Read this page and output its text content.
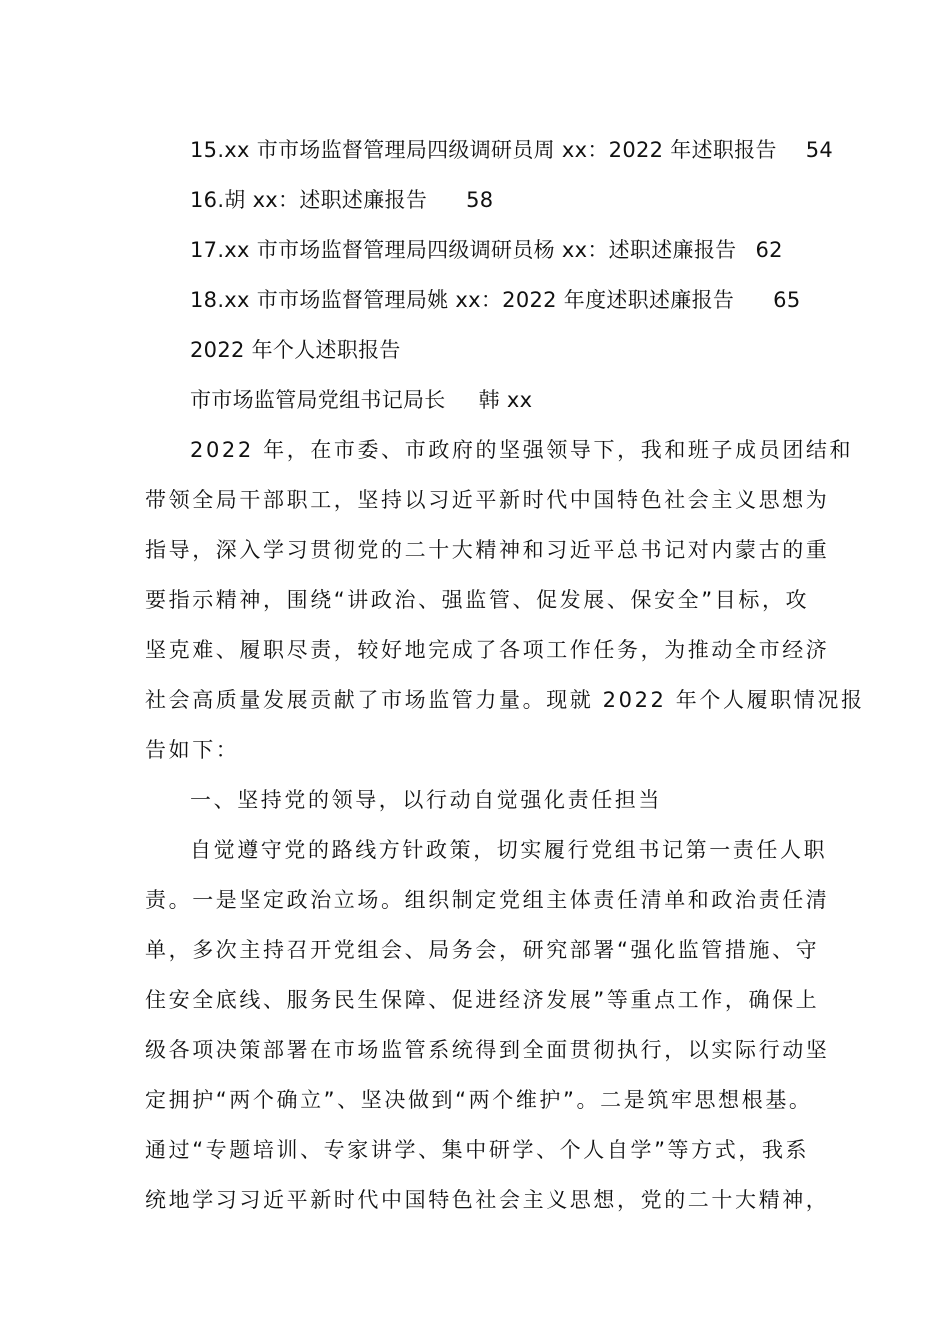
15.xx 市市场监督管理局四级调研员周 xx：2022 年述职报告 54
16.胡 xx：述职述廉报告 58
17.xx 市市场监督管理局四级调研员杨 xx：述职述廉报告 62
18.xx 市市场监督管理局姚 xx：2022 年度述职述廉报告 65
2022 年个人述职报告
市市场监管局党组书记局长 韩 xx
2022 年，在市委、市政府的坚强领导下，我和班子成员团结和
带领全局干部职工，坚持以习近平新时代中国特色社会主义思想为
指导，深入学习贯彻党的二十大精神和习近平总书记对内蒙古的重
要指示精神，围绕“讲政治、强监管、促发展、保安全”目标，攻
坚克难、履职尽责，较好地完成了各项工作任务，为推动全市经济
社会高质量发展贡献了市场监管力量。现就 2022 年个人履职情况报
告如下：
一、坚持党的领导，以行动自觉强化责任担当
自觉遵守党的路线方针政策，切实履行党组书记第一责任人职
责。一是坚定政治立场。组织制定党组主体责任清单和政治责任清
单，多次主持召开党组会、局务会，研究部署“强化监管措施、守
住安全底线、服务民生保障、促进经济发展”等重点工作，确保上
级各项决策部署在市场监管系统得到全面贯彻执行，以实际行动坚
定拥护“两个确立”、坚决做到“两个维护”。二是筑牢思想根基。
通过“专题培训、专家讲学、集中研学、个人自学”等方式，我系
统地学习习近平新时代中国特色社会主义思想，党的二十大精神，
